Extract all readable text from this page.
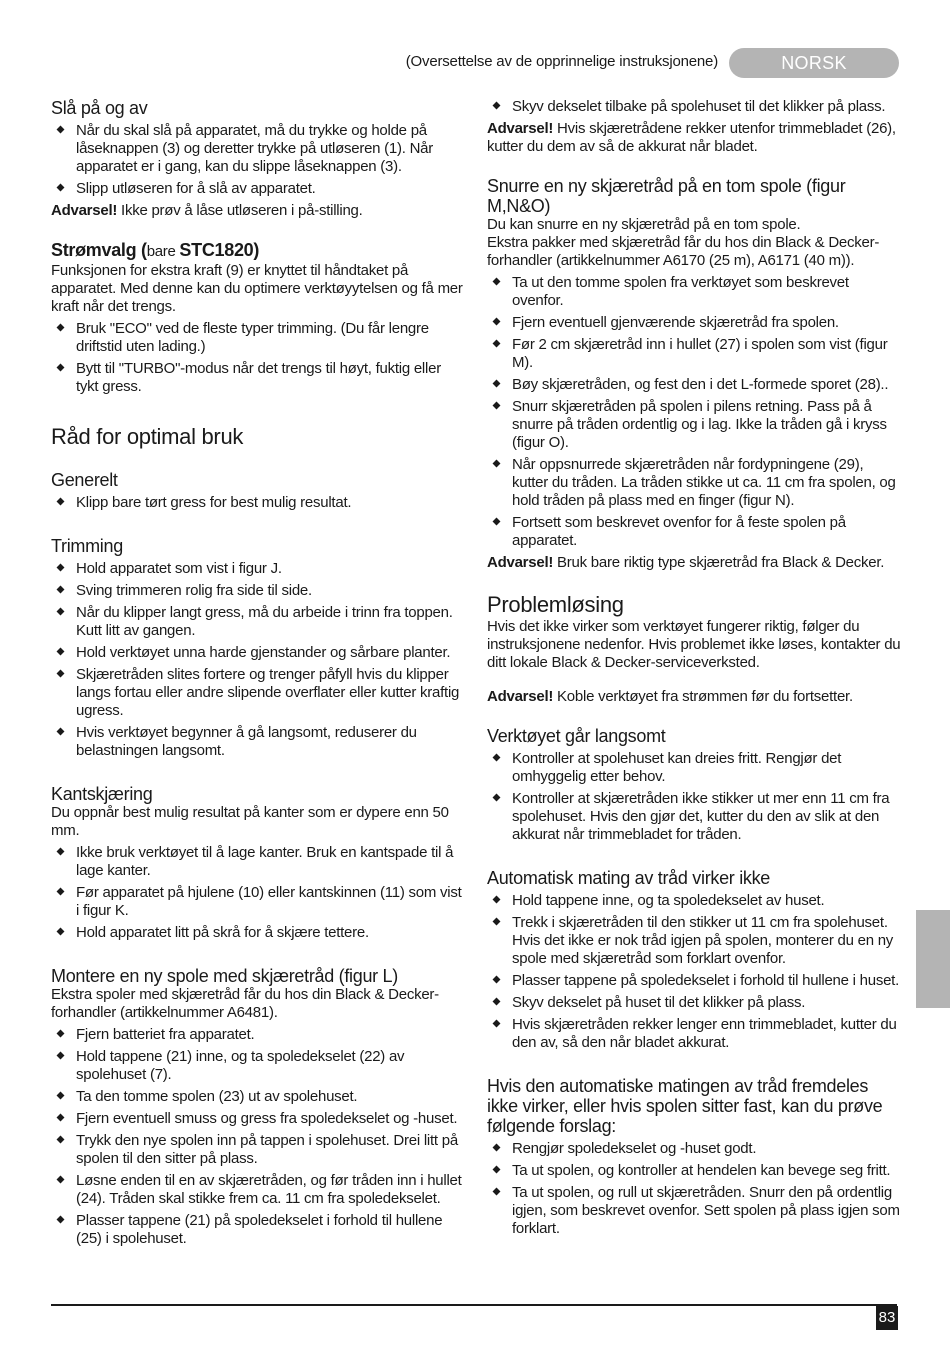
(Oversettelse av de opprinnelige instruksjonene)	NORSK
Slå på og av
Når du skal slå på apparatet, må du trykke og holde på låseknappen (3) og deretter trykke på utløseren (1). Når apparatet er i gang, kan du slippe låseknappen (3).
Slipp utløseren for å slå av apparatet.

Advarsel! Ikke prøv å låse utløseren i på-stilling.

Strømvalg (bare STC1820)

Funksjonen for ekstra kraft (9) er knyttet til håndtaket på apparatet. Med denne kan du optimere verktøyytelsen og få mer kraft når det trengs.

Bruk "ECO" ved de fleste typer trimming. (Du får lengre driftstid uten lading.)
Bytt til "TURBO"-modus når det trengs til høyt, fuktig eller tykt gress.
Råd for optimal bruk
Generelt
Klipp bare tørt gress for best mulig resultat.
Trimming
Hold apparatet som vist i figur J.
Sving trimmeren rolig fra side til side.
Når du klipper langt gress, må du arbeide i trinn fra toppen. Kutt litt av gangen.
Hold verktøyet unna harde gjenstander og sårbare planter.
Skjæretråden slites fortere og trenger påfyll hvis du klipper langs fortau eller andre slipende overflater eller kutter kraftig ugress.
Hvis verktøyet begynner å gå langsomt, reduserer du belastningen langsomt.
Kantskjæring

Du oppnår best mulig resultat på kanter som er dypere enn 50 mm.

Ikke bruk verktøyet til å lage kanter. Bruk en kantspade til å lage kanter.
Før apparatet på hjulene (10) eller kantskinnen (11) som vist i figur K.
Hold apparatet litt på skrå for å skjære tettere.
Montere en ny spole med skjæretråd (figur L)

Ekstra spoler med skjæretråd får du hos din Black & Decker-forhandler (artikkelnummer A6481).

Fjern batteriet fra apparatet.
Hold tappene (21) inne, og ta spoledekselet (22) av spolehuset (7).
Ta den tomme spolen (23) ut av spolehuset.
Fjern eventuell smuss og gress fra spoledekselet og -huset.
Trykk den nye spolen inn på tappen i spolehuset. Drei litt på spolen til den sitter på plass.
Løsne enden til en av skjæretråden, og før tråden inn i hullet (24). Tråden skal stikke frem ca. 11 cm fra spoledekselet.
Plasser tappene (21) på spoledekselet i forhold til hullene (25) i spolehuset.
Skyv dekselet tilbake på spolehuset til det klikker på plass.

Advarsel! Hvis skjæretrådene rekker utenfor trimmebladet (26), kutter du dem av så de akkurat når bladet.

Snurre en ny skjæretråd på en tom spole (figur M,N&O)

Du kan snurre en ny skjæretråd på en tom spole.

Ekstra pakker med skjæretråd får du hos din Black & Decker-forhandler (artikkelnummer A6170 (25 m), A6171 (40 m)).

Ta ut den tomme spolen fra verktøyet som beskrevet ovenfor.
Fjern eventuell gjenværende skjæretråd fra spolen.
Før 2 cm skjæretråd inn i hullet (27) i spolen som vist (figur M).
Bøy skjæretråden, og fest den i det L-formede sporet (28)..
Snurr skjæretråden på spolen i pilens retning. Pass på å snurre på tråden ordentlig og i lag. Ikke la tråden gå i kryss (figur O).
Når oppsnurrede skjæretråden når fordypningene (29), kutter du tråden. La tråden stikke ut ca. 11 cm fra spolen, og hold tråden på plass med en finger (figur N).
Fortsett som beskrevet ovenfor for å feste spolen på apparatet.

Advarsel! Bruk bare riktig type skjæretråd fra Black & Decker.

Problemløsing

Hvis det ikke virker som verktøyet fungerer riktig, følger du instruksjonene nedenfor. Hvis problemet ikke løses, kontakter du ditt lokale Black & Decker-serviceverksted.

Advarsel! Koble verktøyet fra strømmen før du fortsetter.

Verktøyet går langsomt
Kontroller at spolehuset kan dreies fritt. Rengjør det omhyggelig etter behov.
Kontroller at skjæretråden ikke stikker ut mer enn 11 cm fra spolehuset. Hvis den gjør det, kutter du den av slik at den akkurat når trimmebladet for tråden.
Automatisk mating av tråd virker ikke
Hold tappene inne, og ta spoledekselet av huset.
Trekk i skjæretråden til den stikker ut 11 cm fra spolehuset. Hvis det ikke er nok tråd igjen på spolen, monterer du en ny spole med skjæretråd som forklart ovenfor.
Plasser tappene på spoledekselet i forhold til hullene i huset.
Skyv dekselet på huset til det klikker på plass.
Hvis skjæretråden rekker lenger enn trimmebladet, kutter du den av, så den når bladet akkurat.
Hvis den automatiske matingen av tråd fremdeles ikke virker, eller hvis spolen sitter fast, kan du prøve følgende forslag:
Rengjør spoledekselet og -huset godt.
Ta ut spolen, og kontroller at hendelen kan bevege seg fritt.
Ta ut spolen, og rull ut skjæretråden. Snurr den på ordentlig igjen, som beskrevet ovenfor. Sett spolen på plass igjen som forklart.
83
